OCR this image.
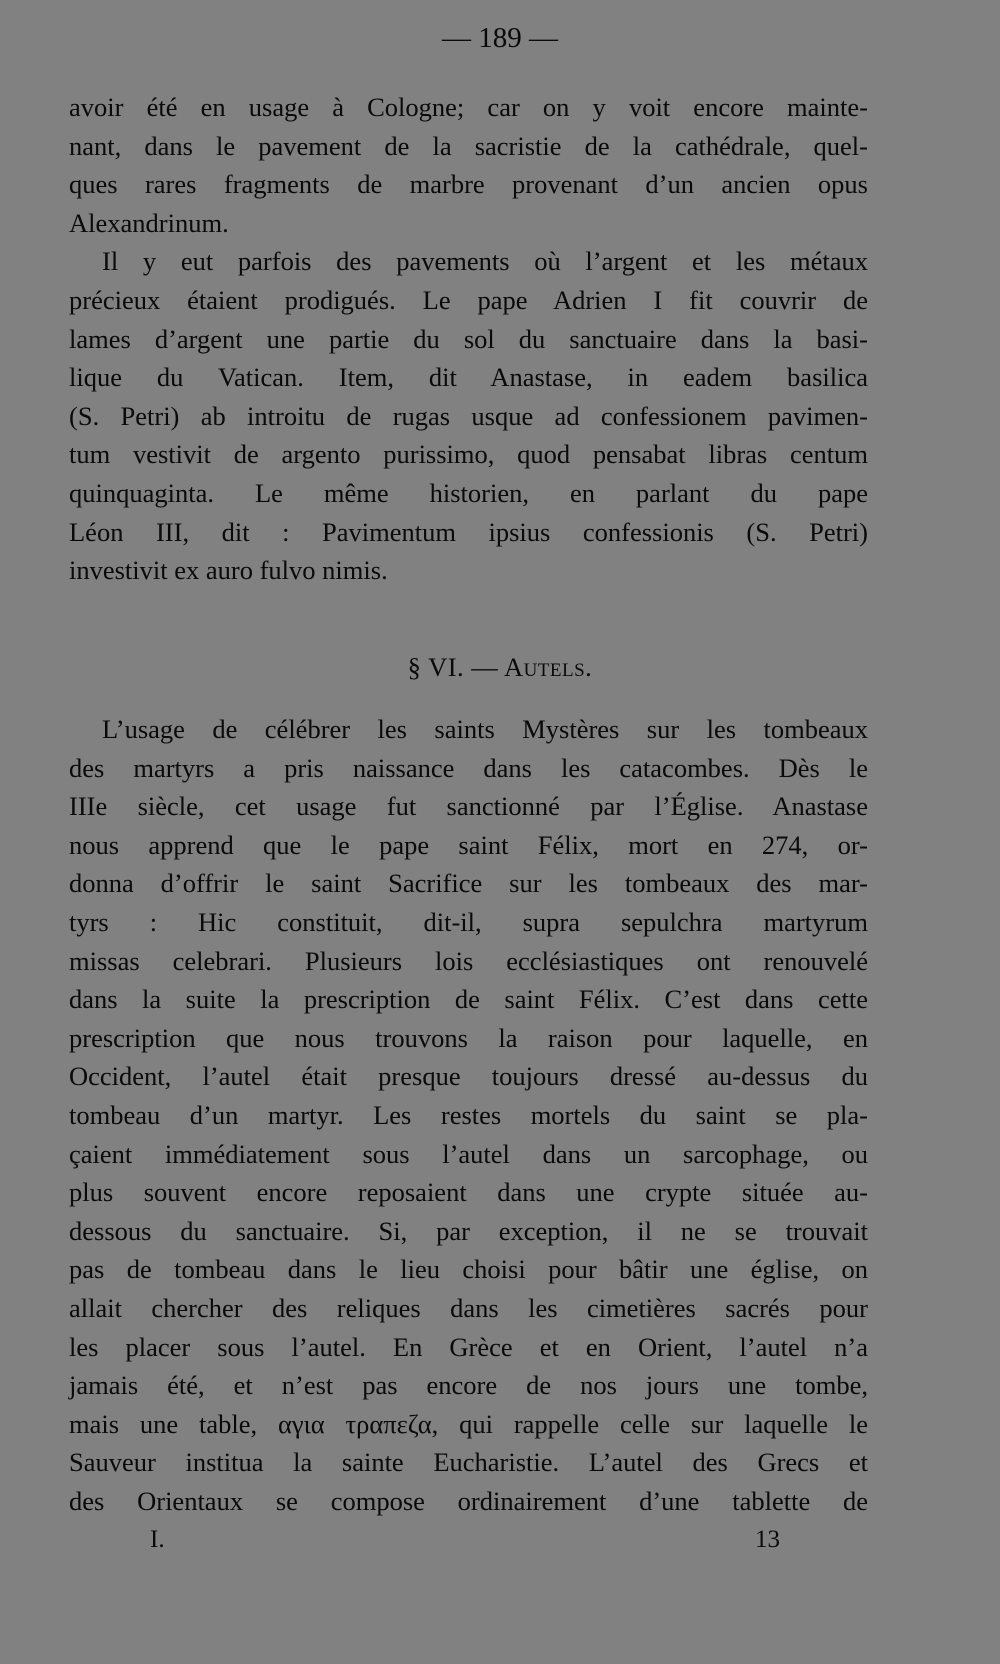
— 189 —
avoir été en usage à Cologne; car on y voit encore mainte-
nant, dans le pavement de la sacristie de la cathédrale, quel-
ques rares fragments de marbre provenant d’un ancien opus
Alexandrinum.
Il y eut parfois des pavements où l’argent et les métaux
précieux étaient prodigués. Le pape Adrien I fit couvrir de
lames d’argent une partie du sol du sanctuaire dans la basi-
lique du Vatican. Item, dit Anastase, in eadem basilica
(S. Petri) ab introitu de rugas usque ad confessionem pavimen-
tum vestivit de argento purissimo, quod pensabat libras centum
quinquaginta. Le même historien, en parlant du pape
Léon III, dit : Pavimentum ipsius confessionis (S. Petri)
investivit ex auro fulvo nimis.
§ VI. — Autels.
L’usage de célébrer les saints Mystères sur les tombeaux
des martyrs a pris naissance dans les catacombes. Dès le
IIIe siècle, cet usage fut sanctionné par l’Église. Anastase
nous apprend que le pape saint Félix, mort en 274, or-
donna d’offrir le saint Sacrifice sur les tombeaux des mar-
tyrs : Hic constituit, dit-il, supra sepulchra martyrum
missas celebrari. Plusieurs lois ecclésiastiques ont renouvelé
dans la suite la prescription de saint Félix. C’est dans cette
prescription que nous trouvons la raison pour laquelle, en
Occident, l’autel était presque toujours dressé au-dessus du
tombeau d’un martyr. Les restes mortels du saint se pla-
çaient immédiatement sous l’autel dans un sarcophage, ou
plus souvent encore reposaient dans une crypte située au-
dessous du sanctuaire. Si, par exception, il ne se trouvait
pas de tombeau dans le lieu choisi pour bâtir une église, on
allait chercher des reliques dans les cimetières sacrés pour
les placer sous l’autel. En Grèce et en Orient, l’autel n’a
jamais été, et n’est pas encore de nos jours une tombe,
mais une table, αγια τραπεζα, qui rappelle celle sur laquelle le
Sauveur institua la sainte Eucharistie. L’autel des Grecs et
des Orientaux se compose ordinairement d’une tablette de
I.	13
